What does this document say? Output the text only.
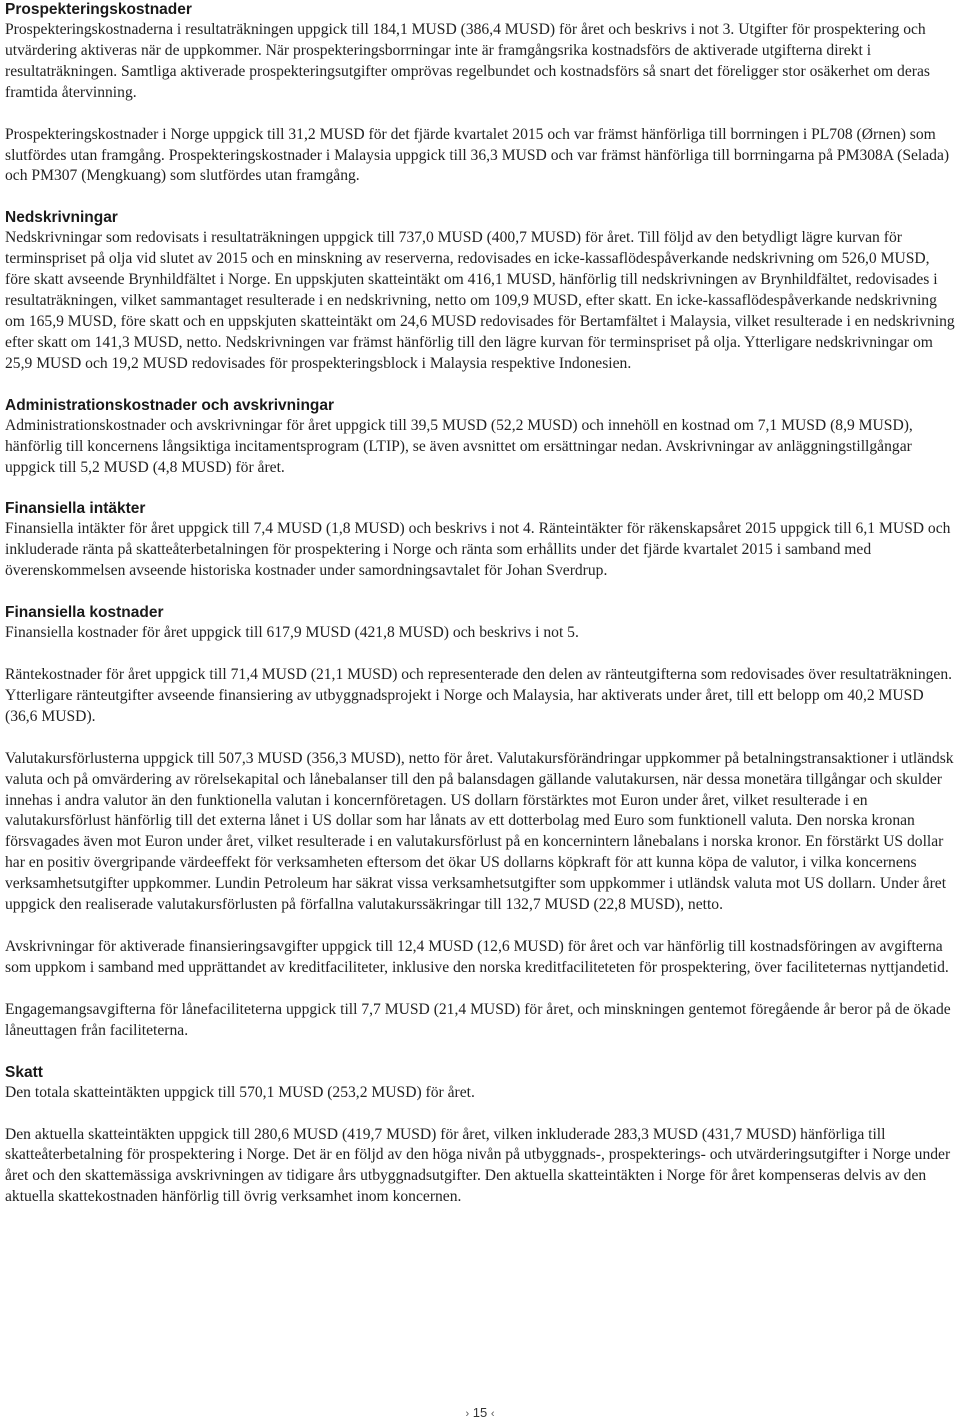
Prospekteringskostnader

Prospekteringskostnaderna i resultaträkningen uppgick till 184,1 MUSD (386,4 MUSD) för året och beskrivs i not 3. Utgifter för prospektering och utvärdering aktiveras när de uppkommer. När prospekteringsborrningar inte är framgångsrika kostnadsförs de aktiverade utgifterna direkt i resultaträkningen. Samtliga aktiverade prospekteringsutgifter omprövas regelbundet och kostnadsförs så snart det föreligger stor osäkerhet om deras framtida återvinning.

Prospekteringskostnader i Norge uppgick till 31,2 MUSD för det fjärde kvartalet 2015 och var främst hänförliga till borrningen i PL708 (Ørnen) som slutfördes utan framgång. Prospekteringskostnader i Malaysia uppgick till 36,3 MUSD och var främst hänförliga till borrningarna på PM308A (Selada) och PM307 (Mengkuang) som slutfördes utan framgång.

Nedskrivningar

Nedskrivningar som redovisats i resultaträkningen uppgick till 737,0 MUSD (400,7 MUSD) för året. Till följd av den betydligt lägre kurvan för terminspriset på olja vid slutet av 2015 och en minskning av reserverna, redovisades en icke-kassaflödespåverkande nedskrivning om 526,0 MUSD, före skatt avseende Brynhildfältet i Norge. En uppskjuten skatteintäkt om 416,1 MUSD, hänförlig till nedskrivningen av Brynhildfältet, redovisades i resultaträkningen, vilket sammantaget resulterade i en nedskrivning, netto om 109,9 MUSD, efter skatt. En icke-kassaflödespåverkande nedskrivning om 165,9 MUSD, före skatt och en uppskjuten skatteintäkt om 24,6 MUSD redovisades för Bertamfältet i Malaysia, vilket resulterade i en nedskrivning efter skatt om 141,3 MUSD, netto. Nedskrivningen var främst hänförlig till den lägre kurvan för terminspriset på olja. Ytterligare nedskrivningar om 25,9 MUSD och 19,2 MUSD redovisades för prospekteringsblock i Malaysia respektive Indonesien.

Administrationskostnader och avskrivningar

Administrationskostnader och avskrivningar för året uppgick till 39,5 MUSD (52,2 MUSD) och innehöll en kostnad om 7,1 MUSD (8,9 MUSD), hänförlig till koncernens långsiktiga incitamentsprogram (LTIP), se även avsnittet om ersättningar nedan. Avskrivningar av anläggningstillgångar uppgick till 5,2 MUSD (4,8 MUSD) för året.

Finansiella intäkter

Finansiella intäkter för året uppgick till 7,4 MUSD (1,8 MUSD) och beskrivs i not 4. Ränteintäkter för räkenskapsåret 2015 uppgick till 6,1 MUSD och inkluderade ränta på skatteåterbetalningen för prospektering i Norge och ränta som erhållits under det fjärde kvartalet 2015 i samband med överenskommelsen avseende historiska kostnader under samordningsavtalet för Johan Sverdrup.

Finansiella kostnader

Finansiella kostnader för året uppgick till 617,9 MUSD (421,8 MUSD) och beskrivs i not 5.

Räntekostnader för året uppgick till 71,4 MUSD (21,1 MUSD) och representerade den delen av ränteutgifterna som redovisades över resultaträkningen. Ytterligare ränteutgifter avseende finansiering av utbyggnadsprojekt i Norge och Malaysia, har aktiverats under året, till ett belopp om 40,2 MUSD (36,6 MUSD).

Valutakursförlusterna uppgick till 507,3 MUSD (356,3 MUSD), netto för året. Valutakursförändringar uppkommer på betalningstransaktioner i utländsk valuta och på omvärdering av rörelsekapital och lånebalanser till den på balansdagen gällande valutakursen, när dessa monetära tillgångar och skulder innehas i andra valutor än den funktionella valutan i koncernföretagen. US dollarn förstärktes mot Euron under året, vilket resulterade i en valutakursförlust hänförlig till det externa lånet i US dollar som har lånats av ett dotterbolag med Euro som funktionell valuta. Den norska kronan försvagades även mot Euron under året, vilket resulterade i en valutakursförlust på en koncernintern lånebalans i norska kronor. En förstärkt US dollar har en positiv övergripande värdeeffekt för verksamheten eftersom det ökar US dollarns köpkraft för att kunna köpa de valutor, i vilka koncernens verksamhetsutgifter uppkommer. Lundin Petroleum har säkrat vissa verksamhetsutgifter som uppkommer i utländsk valuta mot US dollarn. Under året uppgick den realiserade valutakursförlusten på förfallna valutakurssäkringar till 132,7 MUSD (22,8 MUSD), netto.

Avskrivningar för aktiverade finansieringsavgifter uppgick till 12,4 MUSD (12,6 MUSD) för året och var hänförlig till kostnadsföringen av avgifterna som uppkom i samband med upprättandet av kreditfaciliteter, inklusive den norska kreditfaciliteteten för prospektering, över faciliteternas nyttjandetid.

Engagemangsavgifterna för lånefaciliteterna uppgick till 7,7 MUSD (21,4 MUSD) för året, och minskningen gentemot föregående år beror på de ökade låneuttagen från faciliteterna.

Skatt

Den totala skatteintäkten uppgick till 570,1 MUSD (253,2 MUSD) för året.

Den aktuella skatteintäkten uppgick till 280,6 MUSD (419,7 MUSD) för året, vilken inkluderade 283,3 MUSD (431,7 MUSD) hänförliga till skatteåterbetalning för prospektering i Norge. Det är en följd av den höga nivån på utbyggnads-, prospekterings- och utvärderingsutgifter i Norge under året och den skattemässiga avskrivningen av tidigare års utbyggnadsutgifter. Den aktuella skatteintäkten i Norge för året kompenseras delvis av den aktuella skattekostnaden hänförlig till övrig verksamhet inom koncernen.

› 15 ‹
